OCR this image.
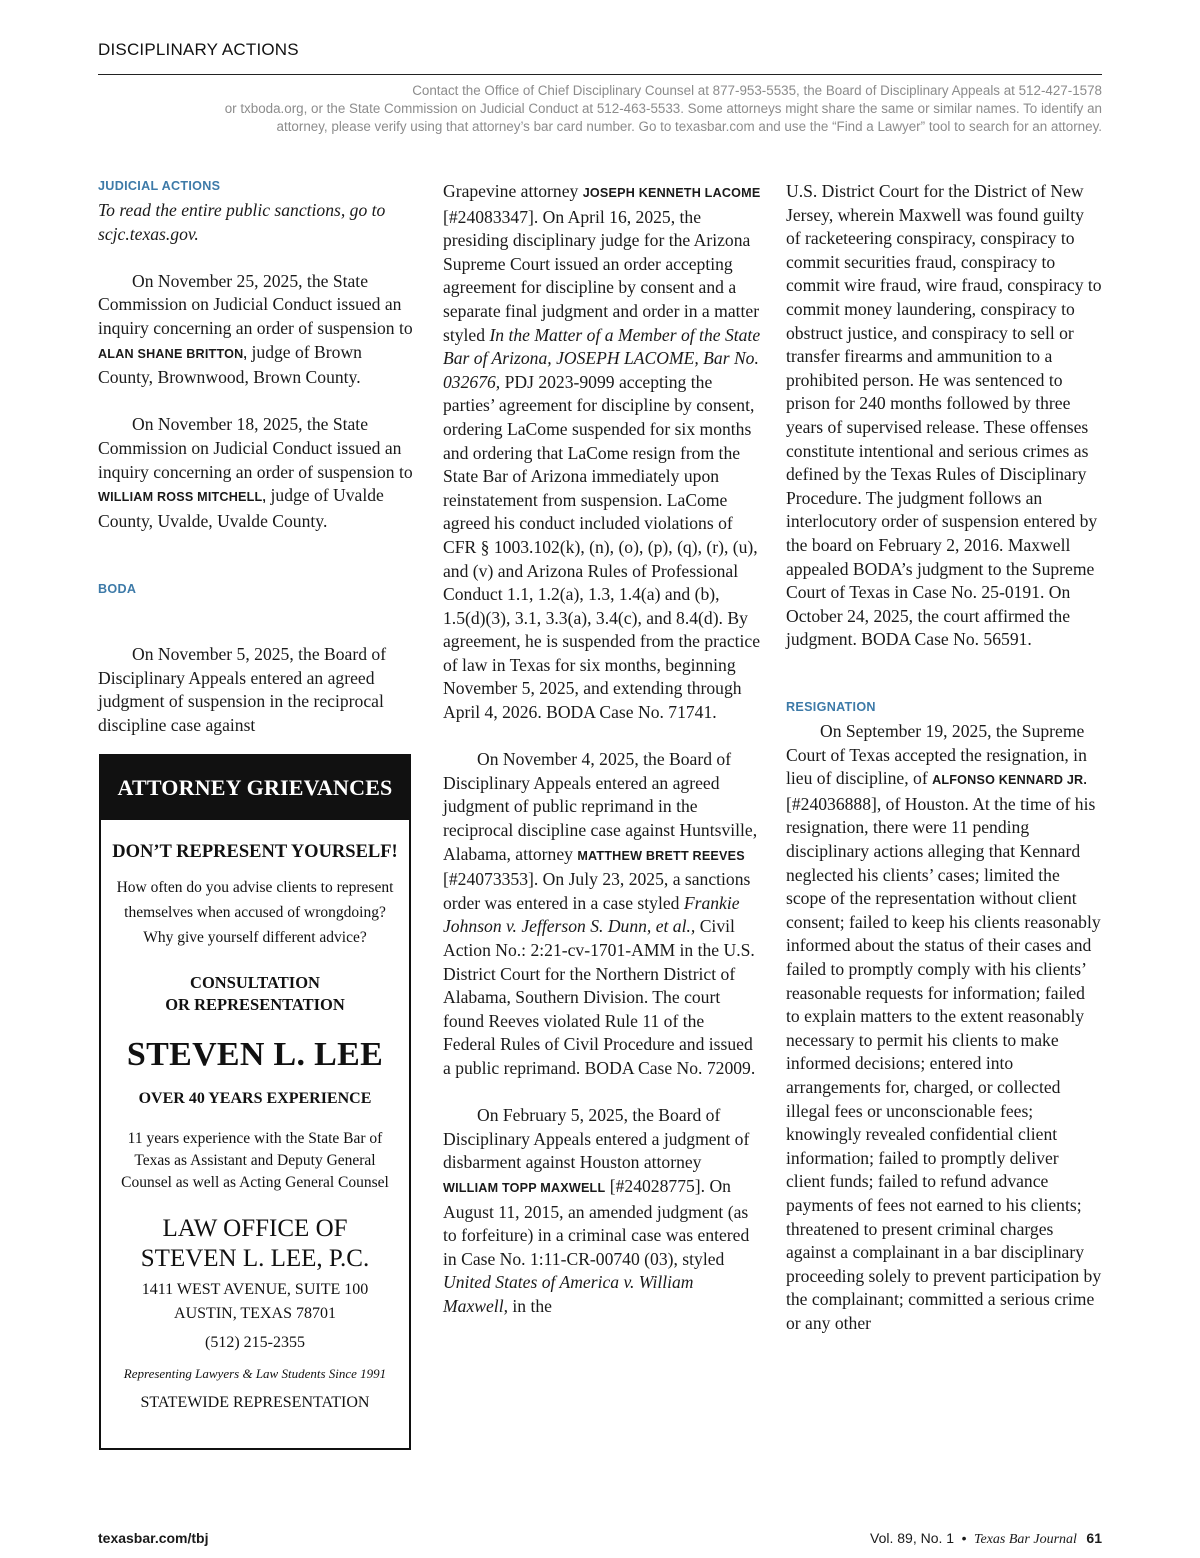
DISCIPLINARY ACTIONS
Contact the Office of Chief Disciplinary Counsel at 877-953-5535, the Board of Disciplinary Appeals at 512-427-1578
or txboda.org, or the State Commission on Judicial Conduct at 512-463-5533. Some attorneys might share the same or similar names. To identify an
attorney, please verify using that attorney’s bar card number. Go to texasbar.com and use the “Find a Lawyer” tool to search for an attorney.
JUDICIAL ACTIONS

To read the entire public sanctions, go to scjc.texas.gov.

On November 25, 2025, the State Commission on Judicial Conduct issued an inquiry concerning an order of suspension to ALAN SHANE BRITTON, judge of Brown County, Brownwood, Brown County.

On November 18, 2025, the State Commission on Judicial Conduct issued an inquiry concerning an order of suspension to WILLIAM ROSS MITCHELL, judge of Uvalde County, Uvalde, Uvalde County.

BODA

On November 5, 2025, the Board of Disciplinary Appeals entered an agreed judgment of suspension in the reciprocal discipline case against

ATTORNEY GRIEVANCES

DON’T REPRESENT YOURSELF!

How often do you advise clients to represent
themselves when accused of wrongdoing?
Why give yourself different advice?
CONSULTATION
OR REPRESENTATION

STEVEN L. LEE

OVER 40 YEARS EXPERIENCE

11 years experience with the State Bar of
Texas as Assistant and Deputy General
Counsel as well as Acting General Counsel
LAW OFFICE OF
STEVEN L. LEE, P.C.
1411 WEST AVENUE, SUITE 100
AUSTIN, TEXAS 78701

(512) 215-2355

Representing Lawyers & Law Students Since 1991

STATEWIDE REPRESENTATION

Grapevine attorney JOSEPH KENNETH LACOME [#24083347]. On April 16, 2025, the presiding disciplinary judge for the Arizona Supreme Court issued an order accepting agreement for discipline by consent and a separate final judgment and order in a matter styled In the Matter of a Member of the State Bar of Arizona, JOSEPH LACOME, Bar No. 032676, PDJ 2023-9099 accepting the parties’ agreement for discipline by consent, ordering LaCome suspended for six months and ordering that LaCome resign from the State Bar of Arizona immediately upon reinstatement from suspension. LaCome agreed his conduct included violations of CFR § 1003.102(k), (n), (o), (p), (q), (r), (u), and (v) and Arizona Rules of Professional Conduct 1.1, 1.2(a), 1.3, 1.4(a) and (b), 1.5(d)(3), 3.1, 3.3(a), 3.4(c), and 8.4(d). By agreement, he is suspended from the practice of law in Texas for six months, beginning November 5, 2025, and extending through April 4, 2026. BODA Case No. 71741.

On November 4, 2025, the Board of Disciplinary Appeals entered an agreed judgment of public reprimand in the reciprocal discipline case against Huntsville, Alabama, attorney MATTHEW BRETT REEVES [#24073353]. On July 23, 2025, a sanctions order was entered in a case styled Frankie Johnson v. Jefferson S. Dunn, et al., Civil Action No.: 2:21-cv-1701-AMM in the U.S. District Court for the Northern District of Alabama, Southern Division. The court found Reeves violated Rule 11 of the Federal Rules of Civil Procedure and issued a public reprimand. BODA Case No. 72009.

On February 5, 2025, the Board of Disciplinary Appeals entered a judgment of disbarment against Houston attorney WILLIAM TOPP MAXWELL [#24028775]. On August 11, 2015, an amended judgment (as to forfeiture) in a criminal case was entered in Case No. 1:11-CR-00740 (03), styled United States of America v. William Maxwell, in the

U.S. District Court for the District of New Jersey, wherein Maxwell was found guilty of racketeering conspiracy, conspiracy to commit securities fraud, conspiracy to commit wire fraud, wire fraud, conspiracy to commit money laundering, conspiracy to obstruct justice, and conspiracy to sell or transfer firearms and ammunition to a prohibited person. He was sentenced to prison for 240 months followed by three years of supervised release. These offenses constitute intentional and serious crimes as defined by the Texas Rules of Disciplinary Procedure. The judgment follows an interlocutory order of suspension entered by the board on February 2, 2016. Maxwell appealed BODA’s judgment to the Supreme Court of Texas in Case No. 25-0191. On October 24, 2025, the court affirmed the judgment. BODA Case No. 56591.

RESIGNATION

On September 19, 2025, the Supreme Court of Texas accepted the resignation, in lieu of discipline, of ALFONSO KENNARD JR. [#24036888], of Houston. At the time of his resignation, there were 11 pending disciplinary actions alleging that Kennard neglected his clients’ cases; limited the scope of the representation without client consent; failed to keep his clients reasonably informed about the status of their cases and failed to promptly comply with his clients’ reasonable requests for information; failed to explain matters to the extent reasonably necessary to permit his clients to make informed decisions; entered into arrangements for, charged, or collected illegal fees or unconscionable fees; knowingly revealed confidential client information; failed to promptly deliver client funds; failed to refund advance payments of fees not earned to his clients; threatened to present criminal charges against a complainant in a bar disciplinary proceeding solely to prevent participation by the complainant; committed a serious crime or any other

texasbar.com/tbj	Vol. 89, No. 1 • Texas Bar Journal 61
